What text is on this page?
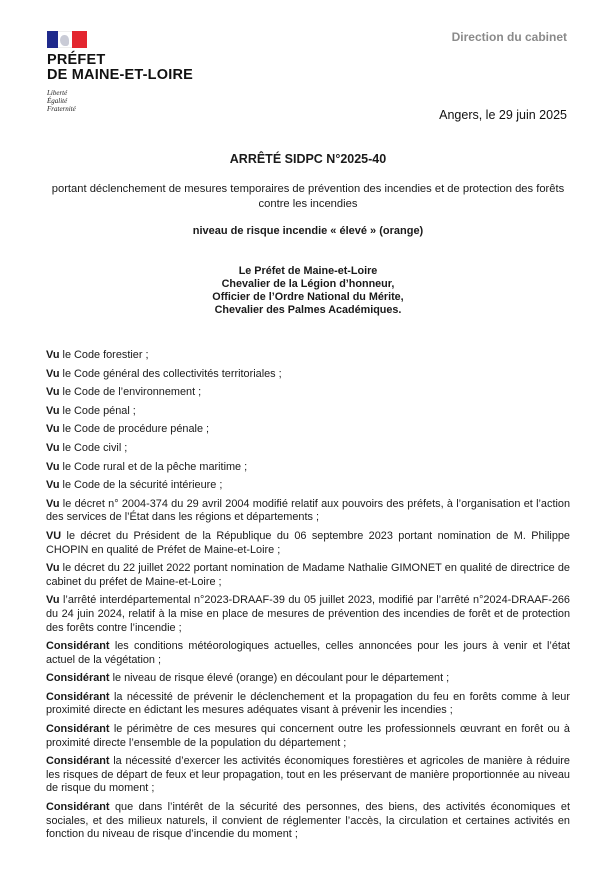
PRÉFET
DE MAINE-ET-LOIRE
Liberté
Égalité
Fraternité
Direction du cabinet
Angers, le 29 juin 2025
ARRÊTÉ SIDPC N°2025-40
portant déclenchement de mesures temporaires de prévention des incendies et de protection des forêts contre les incendies
niveau de risque incendie « élevé » (orange)
Le Préfet de Maine-et-Loire
Chevalier de la Légion d’honneur,
Officier de l’Ordre National du Mérite,
Chevalier des Palmes Académiques.

Vu le Code forestier ;

Vu le Code général des collectivités territoriales ;

Vu le Code de l’environnement ;

Vu le Code pénal ;

Vu le Code de procédure pénale ;

Vu le Code civil ;

Vu le Code rural et de la pêche maritime ;

Vu le Code de la sécurité intérieure ;

Vu le décret n° 2004-374 du 29 avril 2004 modifié relatif aux pouvoirs des préfets, à l’organisation et l’action des services de l’État dans les régions et départements ;

VU le décret du Président de la République du 06 septembre 2023 portant nomination de M. Philippe CHOPIN en qualité de Préfet de Maine-et-Loire ;

Vu le décret du 22 juillet 2022 portant nomination de Madame Nathalie GIMONET en qualité de directrice de cabinet du préfet de Maine-et-Loire ;

Vu l’arrêté interdépartemental n°2023-DRAAF-39 du 05 juillet 2023, modifié par l’arrêté n°2024-DRAAF-266 du 24 juin 2024, relatif à la mise en place de mesures de prévention des incendies de forêt et de protection des forêts contre l’incendie ;

Considérant les conditions météorologiques actuelles, celles annoncées pour les jours à venir et l’état actuel de la végétation ;

Considérant le niveau de risque élevé (orange) en découlant pour le département ;

Considérant la nécessité de prévenir le déclenchement et la propagation du feu en forêts comme à leur proximité directe en édictant les mesures adéquates visant à prévenir les incendies ;

Considérant le périmètre de ces mesures qui concernent outre les professionnels œuvrant en forêt ou à proximité directe l’ensemble de la population du département ;

Considérant la nécessité d’exercer les activités économiques forestières et agricoles de manière à réduire les risques de départ de feux et leur propagation, tout en les préservant de manière proportionnée au niveau de risque du moment ;

Considérant que dans l’intérêt de la sécurité des personnes, des biens, des activités économiques et sociales, et des milieux naturels, il convient de réglementer l’accès, la circulation et certaines activités en fonction du niveau de risque d’incendie du moment ;
